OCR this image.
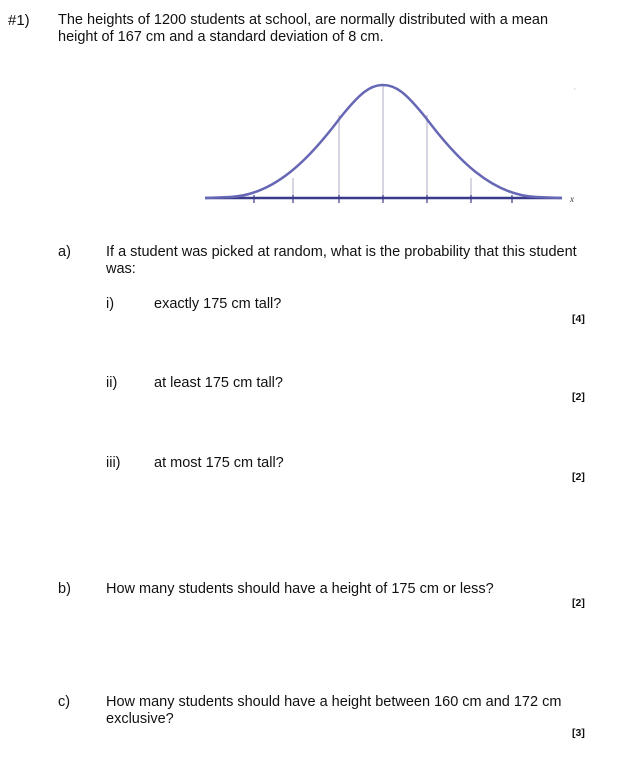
#1) The heights of 1200 students at school, are normally distributed with a mean
height of 167 cm and a standard deviation of 8 cm.
x
‘
a) If a student was picked at random, what is the probability that this student
was:
i)	exactly 175 cm tall?
[4]
ii)	at least 175 cm tall?
[2]
iii) at most 175 cm tall?
[2]
b) How many students should have a height of 175 cm or less?
[2]
c) How many students should have a height between 160 cm and 172 cm
exclusive?
[3]
